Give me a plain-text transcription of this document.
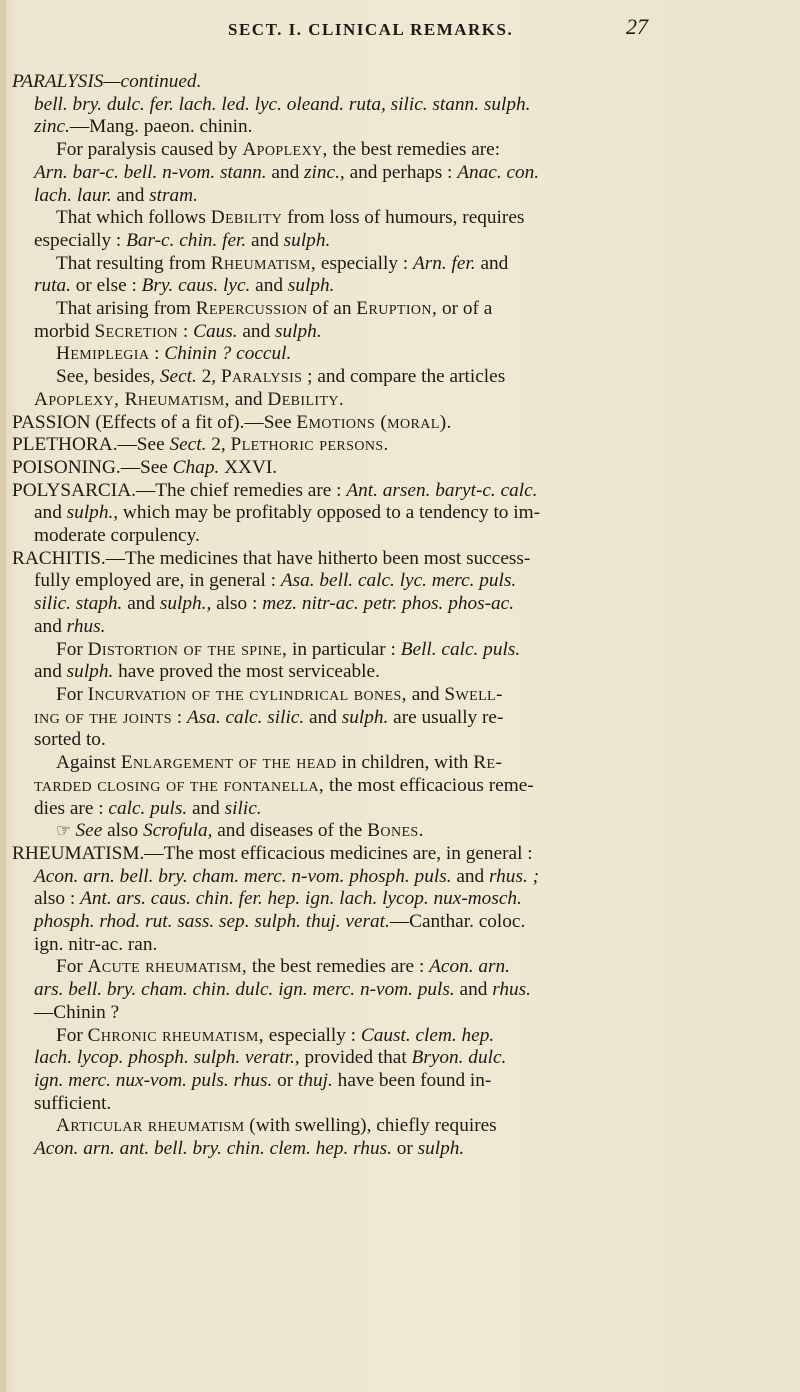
SECT. I. CLINICAL REMARKS.	27
PARALYSIS—continued.
bell. bry. dulc. fer. lach. led. lyc. oleand. ruta, silic. stann. sulph.
zinc.—Mang. paeon. chinin.
For paralysis caused by Apoplexy, the best remedies are:
Arn. bar-c. bell. n-vom. stann. and zinc., and perhaps : Anac. con.
lach. laur. and stram.
That which follows Debility from loss of humours, requires
especially : Bar-c. chin. fer. and sulph.
That resulting from Rheumatism, especially : Arn. fer. and
ruta. or else : Bry. caus. lyc. and sulph.
That arising from Repercussion of an Eruption, or of a
morbid Secretion : Caus. and sulph.
Hemiplegia : Chinin ? coccul.
See, besides, Sect. 2, Paralysis ; and compare the articles
Apoplexy, Rheumatism, and Debility.
PASSION (Effects of a fit of).—See Emotions (moral).
PLETHORA.—See Sect. 2, Plethoric persons.
POISONING.—See Chap. XXVI.
POLYSARCIA.—The chief remedies are : Ant. arsen. baryt-c. calc.
and sulph., which may be profitably opposed to a tendency to im-
moderate corpulency.
RACHITIS.—The medicines that have hitherto been most success-
fully employed are, in general : Asa. bell. calc. lyc. merc. puls.
silic. staph. and sulph., also : mez. nitr-ac. petr. phos. phos-ac.
and rhus.
For Distortion of the spine, in particular : Bell. calc. puls.
and sulph. have proved the most serviceable.
For Incurvation of the cylindrical bones, and Swell-
ing of the joints : Asa. calc. silic. and sulph. are usually re-
sorted to.
Against Enlargement of the head in children, with Re-
tarded closing of the fontanella, the most efficacious reme-
dies are : calc. puls. and silic.
☞ See also Scrofula, and diseases of the Bones.
RHEUMATISM.—The most efficacious medicines are, in general :
Acon. arn. bell. bry. cham. merc. n-vom. phosph. puls. and rhus. ;
also : Ant. ars. caus. chin. fer. hep. ign. lach. lycop. nux-mosch.
phosph. rhod. rut. sass. sep. sulph. thuj. verat.—Canthar. coloc.
ign. nitr-ac. ran.
For Acute rheumatism, the best remedies are : Acon. arn.
ars. bell. bry. cham. chin. dulc. ign. merc. n-vom. puls. and rhus.
—Chinin ?
For Chronic rheumatism, especially : Caust. clem. hep.
lach. lycop. phosph. sulph. veratr., provided that Bryon. dulc.
ign. merc. nux-vom. puls. rhus. or thuj. have been found in-
sufficient.
Articular rheumatism (with swelling), chiefly requires
Acon. arn. ant. bell. bry. chin. clem. hep. rhus. or sulph.
